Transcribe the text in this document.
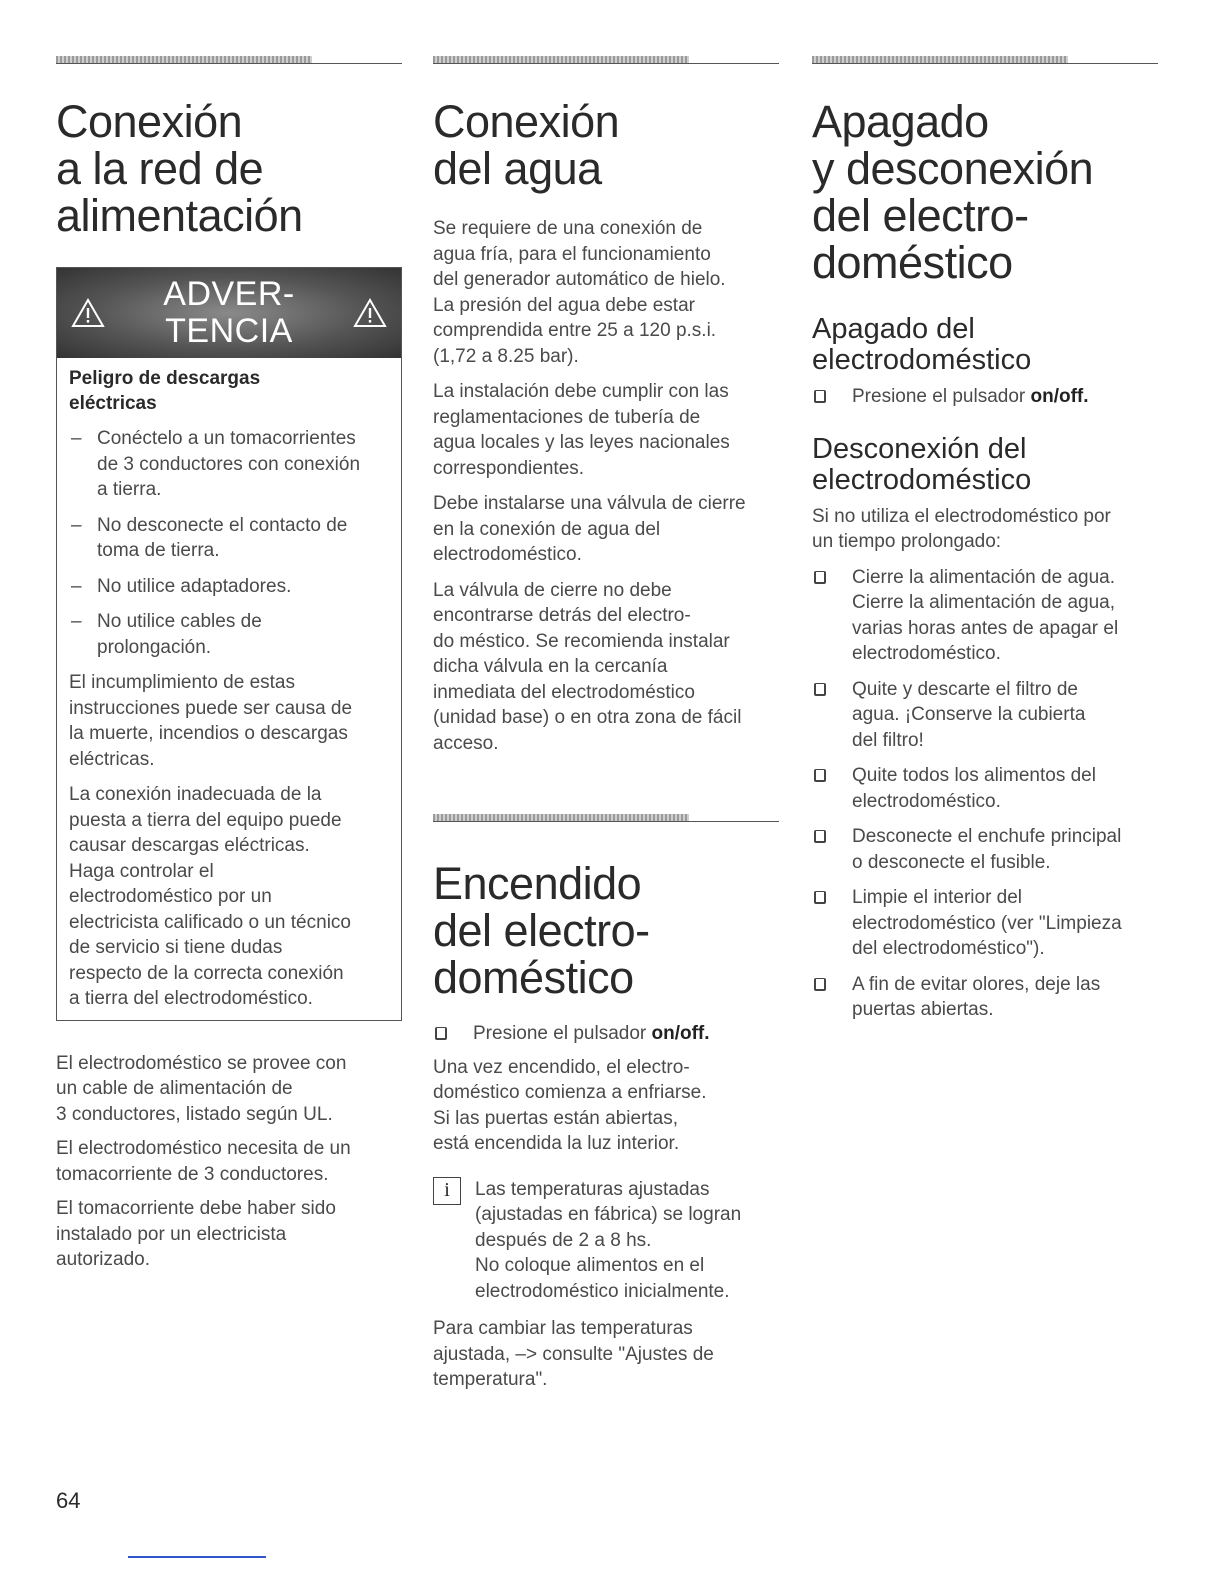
Conexión
a la red de
alimentación
ADVER-
TENCIA
Peligro de descargas
eléctricas
– Conéctelo a un tomacorrientes
de 3 conductores con conexión
a tierra.
– No desconecte el contacto de
toma de tierra.
– No utilice adaptadores.
– No utilice cables de
prolongación.
El incumplimiento de estas
instrucciones puede ser causa de
la muerte, incendios o descargas
eléctricas.
La conexión inadecuada de la
puesta a tierra del equipo puede
causar descargas eléctricas.
Haga controlar el
electrodoméstico por un
electricista calificado o un técnico
de servicio si tiene dudas
respecto de la correcta conexión
a tierra del electrodoméstico.
El electrodoméstico se provee con
un cable de alimentación de
3 conductores, listado según UL.
El electrodoméstico necesita de un
tomacorriente de 3 conductores.
El tomacorriente debe haber sido
instalado por un electricista
autorizado.
Conexión
del agua
Se requiere de una conexión de
agua fría, para el funcionamiento
del generador automático de hielo.
La presión del agua debe estar
comprendida entre 25 a 120 p.s.i.
(1,72 a 8.25 bar).
La instalación debe cumplir con las
reglamentaciones de tubería de
agua locales y las leyes nacionales
correspondientes.
Debe instalarse una válvula de cierre
en la conexión de agua del
electrodoméstico.
La válvula de cierre no debe
encontrarse detrás del electro-
do méstico. Se recomienda instalar
dicha válvula en la cercanía
inmediata del electrodoméstico
(unidad base) o en otra zona de fácil
acceso.
Encendido
del electro-
doméstico
Presione el pulsador on/off.
Una vez encendido, el electro-
doméstico comienza a enfriarse.
Si las puertas están abiertas,
está encendida la luz interior.
i	Las temperaturas ajustadas
(ajustadas en fábrica) se logran
después de 2 a 8 hs.
No coloque alimentos en el
electrodoméstico inicialmente.
Para cambiar las temperaturas
ajustada, –> consulte "Ajustes de
temperatura".
Apagado
y desconexión
del electro-
doméstico
Apagado del
electrodoméstico
Presione el pulsador on/off.
Desconexión del
electrodoméstico
Si no utiliza el electrodoméstico por
un tiempo prolongado:
Cierre la alimentación de agua.
Cierre la alimentación de agua,
varias horas antes de apagar el
electrodoméstico.
Quite y descarte el filtro de
agua. ¡Conserve la cubierta
del filtro!
Quite todos los alimentos del
electrodoméstico.
Desconecte el enchufe principal
o desconecte el fusible.
Limpie el interior del
electrodoméstico (ver "Limpieza
del electrodoméstico").
A fin de evitar olores, deje las
puertas abiertas.
64
